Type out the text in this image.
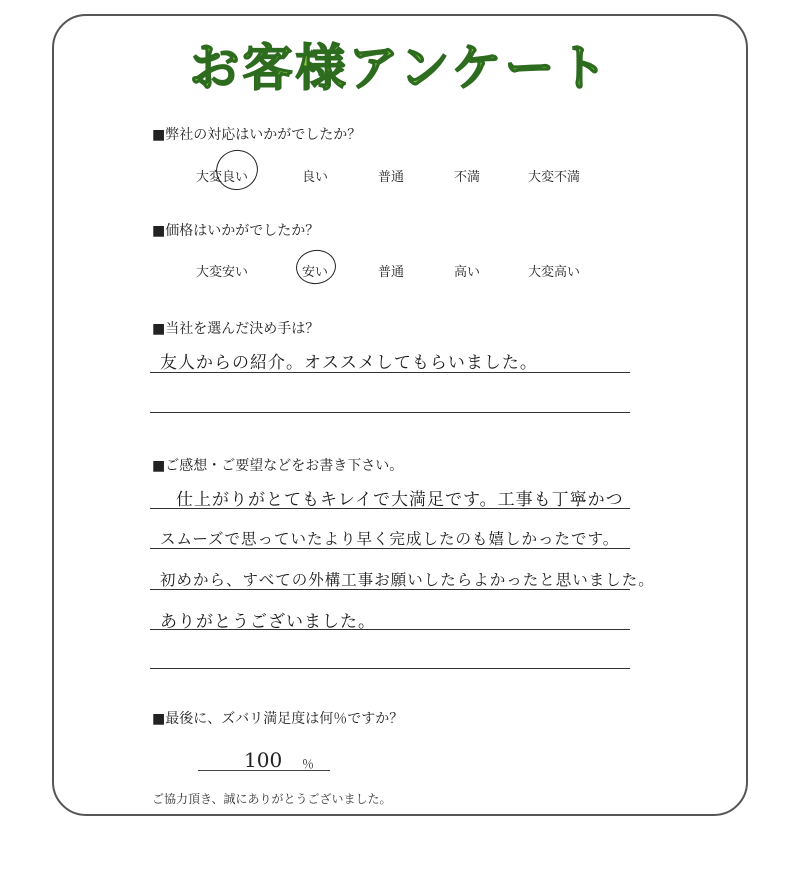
お客様アンケート
■弊社の対応はいかがでしたか？
大変良い	良い	普通	不満	大変不満
■価格はいかがでしたか？
大変安い	安い	普通	高い	大変高い
■当社を選んだ決め手は？
友人からの紹介。オススメしてもらいました。
■ご感想・ご要望などをお書き下さい。
仕上がりがとてもキレイで大満足です。工事も丁寧かつ
スムーズで思っていたより早く完成したのも嬉しかったです。
初めから、すべての外構工事お願いしたらよかったと思いました。
ありがとうございました。
■最後に、ズバリ満足度は何％ですか？
100 ％
ご協力頂き、誠にありがとうございました。
